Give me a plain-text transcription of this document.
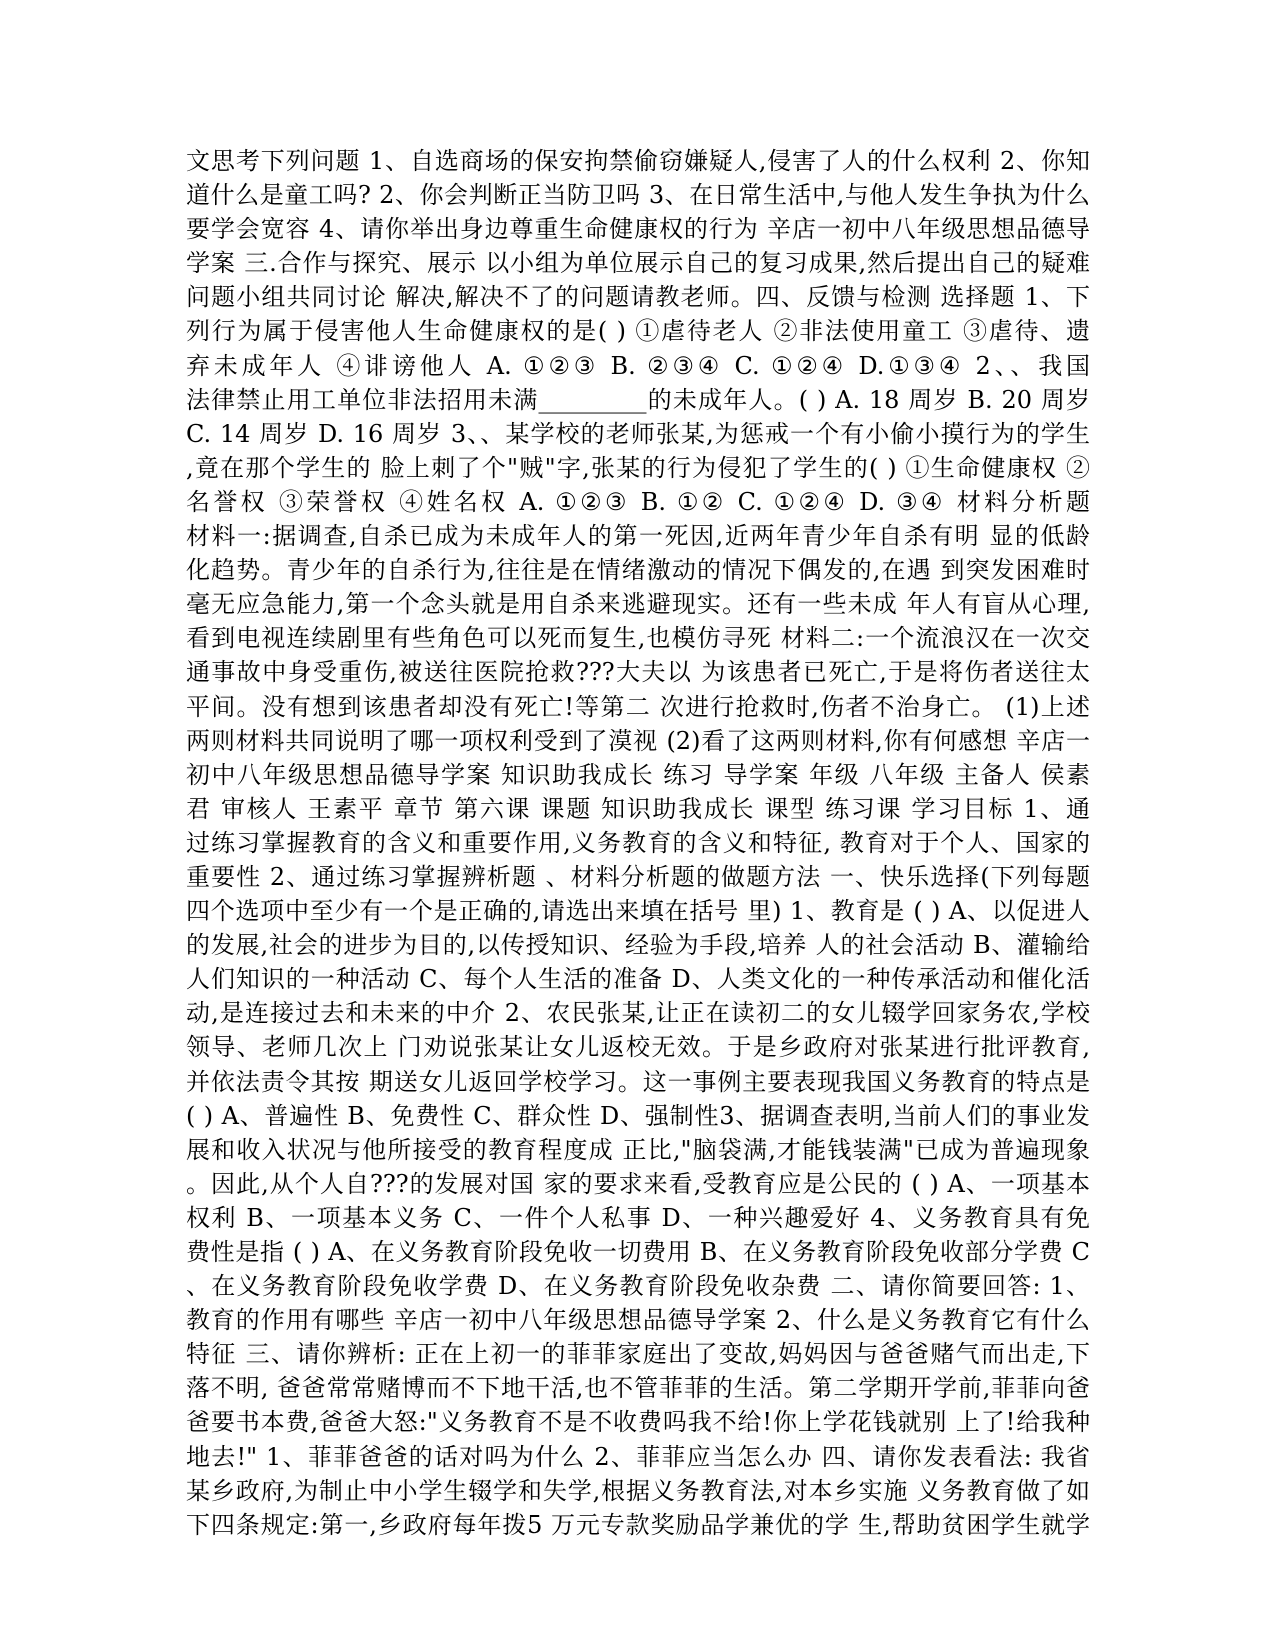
文思考下列问题 1、自选商场的保安拘禁偷窃嫌疑人,侵害了人的什么权利 2、你知
道什么是童工吗? 2、你会判断正当防卫吗 3、在日常生活中,与他人发生争执为什么
要学会宽容 4、请你举出身边尊重生命健康权的行为 辛店一初中八年级思想品德导
学案 三.合作与探究、展示 以小组为单位展示自己的复习成果,然后提出自己的疑难
问题小组共同讨论 解决,解决不了的问题请教老师。四、反馈与检测 选择题 1、下
列行为属于侵害他人生命健康权的是( ) ①虐待老人 ②非法使用童工 ③虐待、遗
弃未成年人 ④诽谤他人 A. ①②③ B. ②③④ C. ①②④ D.①③④ 2、、我国
法律禁止用工单位非法招用未满_________的未成年人。( ) A. 18 周岁 B. 20 周岁
C. 14 周岁 D. 16 周岁 3、、某学校的老师张某,为惩戒一个有小偷小摸行为的学生
,竟在那个学生的 脸上刺了个"贼"字,张某的行为侵犯了学生的( ) ①生命健康权 ②
名誉权 ③荣誉权 ④姓名权 A. ①②③ B. ①② C. ①②④ D. ③④ 材料分析题
材料一:据调查,自杀已成为未成年人的第一死因,近两年青少年自杀有明 显的低龄
化趋势。青少年的自杀行为,往往是在情绪激动的情况下偶发的,在遇 到突发困难时
毫无应急能力,第一个念头就是用自杀来逃避现实。还有一些未成 年人有盲从心理,
看到电视连续剧里有些角色可以死而复生,也模仿寻死 材料二:一个流浪汉在一次交
通事故中身受重伤,被送往医院抢救???大夫以 为该患者已死亡,于是将伤者送往太
平间。没有想到该患者却没有死亡!等第二 次进行抢救时,伤者不治身亡。 (1)上述
两则材料共同说明了哪一项权利受到了漠视 (2)看了这两则材料,你有何感想 辛店一
初中八年级思想品德导学案 知识助我成长 练习 导学案 年级 八年级 主备人 侯素
君 审核人 王素平 章节 第六课 课题 知识助我成长 课型 练习课 学习目标 1、通
过练习掌握教育的含义和重要作用,义务教育的含义和特征, 教育对于个人、国家的
重要性 2、通过练习掌握辨析题 、材料分析题的做题方法 一、快乐选择(下列每题
四个选项中至少有一个是正确的,请选出来填在括号 里) 1、教育是 ( ) A、以促进人
的发展,社会的进步为目的,以传授知识、经验为手段,培养 人的社会活动 B、灌输给
人们知识的一种活动 C、每个人生活的准备 D、人类文化的一种传承活动和催化活
动,是连接过去和未来的中介 2、农民张某,让正在读初二的女儿辍学回家务农,学校
领导、老师几次上 门劝说张某让女儿返校无效。于是乡政府对张某进行批评教育,
并依法责令其按 期送女儿返回学校学习。这一事例主要表现我国义务教育的特点是
( ) A、普遍性 B、免费性 C、群众性 D、强制性3、据调查表明,当前人们的事业发
展和收入状况与他所接受的教育程度成 正比,"脑袋满,才能钱装满"已成为普遍现象
。因此,从个人自???的发展对国 家的要求来看,受教育应是公民的 ( ) A、一项基本
权利 B、一项基本义务 C、一件个人私事 D、一种兴趣爱好 4、义务教育具有免
费性是指 ( ) A、在义务教育阶段免收一切费用 B、在义务教育阶段免收部分学费 C
、在义务教育阶段免收学费 D、在义务教育阶段免收杂费 二、请你简要回答: 1、
教育的作用有哪些 辛店一初中八年级思想品德导学案 2、什么是义务教育它有什么
特征 三、请你辨析: 正在上初一的菲菲家庭出了变故,妈妈因与爸爸赌气而出走,下
落不明, 爸爸常常赌博而不下地干活,也不管菲菲的生活。第二学期开学前,菲菲向爸
爸要书本费,爸爸大怒:"义务教育不是不收费吗我不给!你上学花钱就别 上了!给我种
地去!" 1、菲菲爸爸的话对吗为什么 2、菲菲应当怎么办 四、请你发表看法: 我省
某乡政府,为制止中小学生辍学和失学,根据义务教育法,对本乡实施 义务教育做了如
下四条规定:第一,乡政府每年拨5 万元专款奖励品学兼优的学 生,帮助贫困学生就学
